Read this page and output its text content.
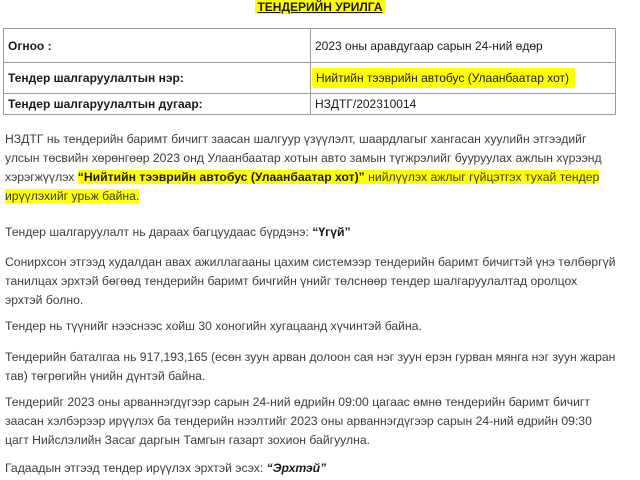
ТЕНДЕРИЙН УРИЛГА
Огноо :	2023 оны аравдугаар сарын 24-ний өдөр
Тендер шалгаруулалтын нэр:	Нийтийн тээврийн автобус (Улаанбаатар хот)
Тендер шалгаруулалтын дугаар:	НЗДТГ/202310014

НЗДТГ нь тендерийн баримт бичигт заасан шалгуур үзүүлэлт, шаардлагыг хангасан хуулийн этгээдийг улсын төсвийн хөрөнгөөр 2023 онд Улаанбаатар хотын авто замын түгжрэлийг бууруулах ажлын хүрээнд хэрэгжүүлэх “Нийтийн тээврийн автобус (Улаанбаатар хот)” нийлүүлэх ажлыг гүйцэтгэх тухай тендер ирүүлэхийг урьж байна.

Тендер шалгаруулалт нь дараах багцуудаас бүрдэнэ: “Үгүй”

Сонирхсон этгээд худалдан авах ажиллагааны цахим системээр тендерийн баримт бичигтэй үнэ төлбөргүй танилцах эрхтэй бөгөөд тендерийн баримт бичгийн үнийг төлснөөр тендер шалгаруулалтад оролцох эрхтэй болно.

Тендер нь түүнийг нээснээс хойш 30 хоногийн хугацаанд хүчинтэй байна.

Тендерийн баталгаа нь 917,193,165 (есөн зуун арван долоон сая нэг зуун ерэн гурван мянга нэг зуун жаран тав) төгрөгийн үнийн дүнтэй байна.

Тендерийг 2023 оны арваннэгдүгээр сарын 24-ний өдрийн 09:00 цагаас өмнө тендерийн баримт бичигт заасан хэлбэрээр ирүүлэх ба тендерийн нээлтийг 2023 оны арваннэгдүгээр сарын 24-ний өдрийн 09:30 цагт Нийслэлийн Засаг даргын Тамгын газарт зохион байгуулна.

Гадаадын этгээд тендер ирүүлэх эрхтэй эсэх: “Эрхтэй”
